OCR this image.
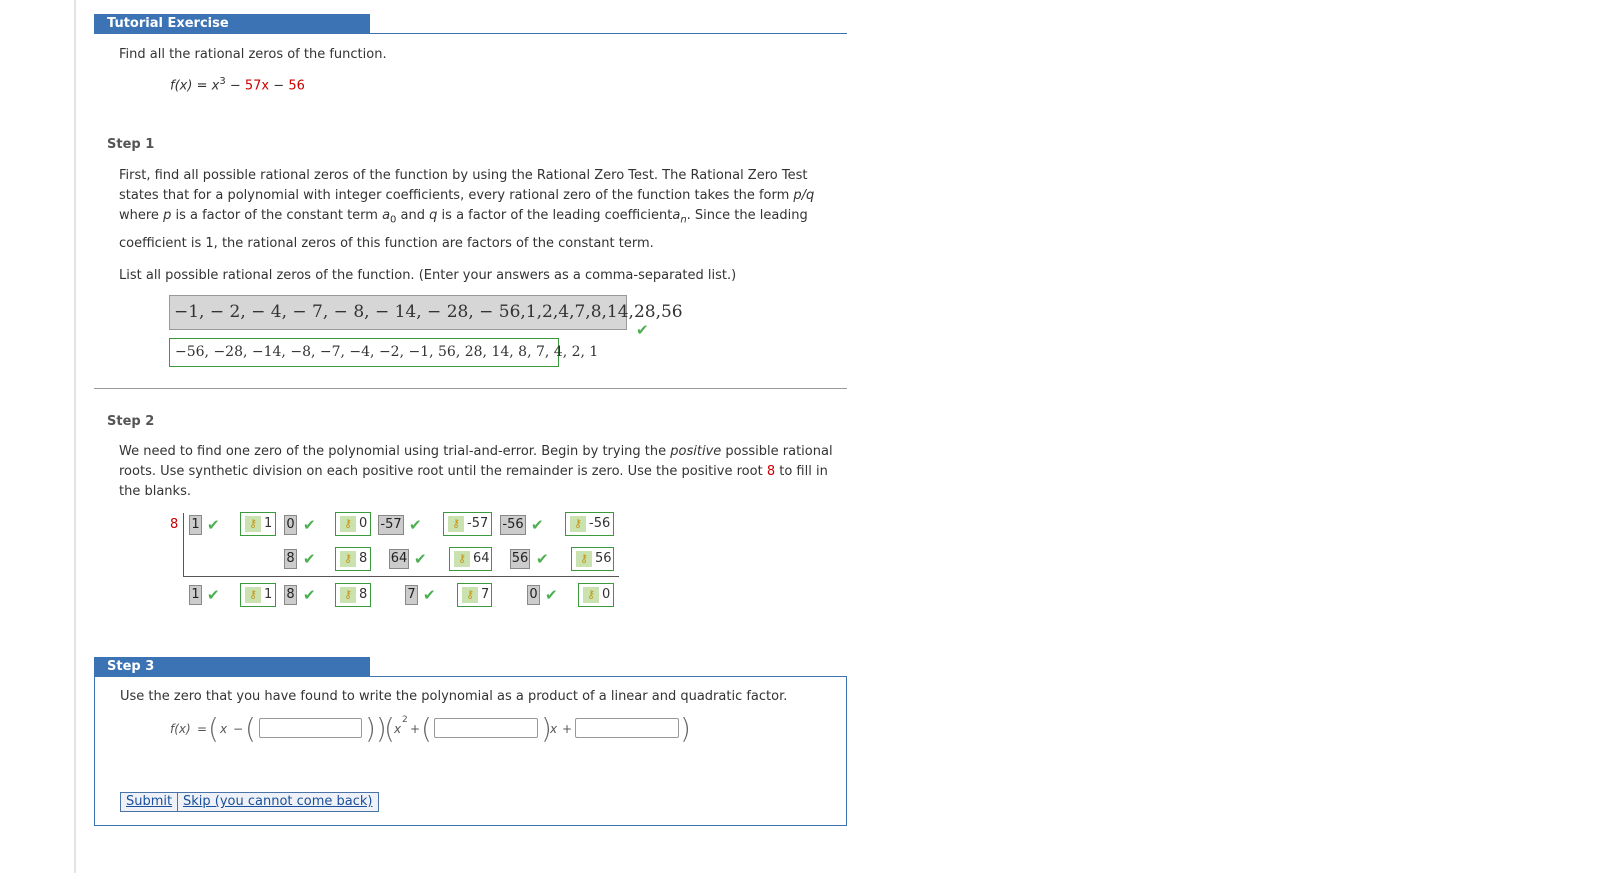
Tutorial Exercise
Find all the rational zeros of the function.
$f(x) = x^3 - 57x - 56$
Step 1
First, find all possible rational zeros of the function by using the Rational Zero Test. The Rational Zero Test
states that for a polynomial with integer coefficients, every rational zero of the function takes the form p/q
where p is a factor of the constant term $a_0$ and q is a factor of the leading coefficienta$_n$. Since the leading
coefficient is 1, the rational zeros of this function are factors of the constant term.
List all possible rational zeros of the function. (Enter your answers as a comma-separated list.)
−1, − 2, − 4, − 7, − 8, − 14, − 28, − 56,1,2,4,7,8,14,28,56
✔
−56, −28, −14, −8, −7, −4, −2, −1, 56, 28, 14, 8, 7, 4, 2, 1
Step 2
We need to find one zero of the polynomial using trial-and-error. Begin by trying the positive possible rational
roots. Use synthetic division on each positive root until the remainder is zero. Use the positive root 8 to fill in
the blanks.
8 1 ✔	⚷ 1 0 ✔	⚷ 0 -57 ✔	⚷ -57 -56 ✔	⚷ -56
8 ✔	⚷ 8 64 ✔	⚷ 64 56 ✔	⚷ 56
1 ✔	⚷ 1 8 ✔	⚷ 8	7 ✔	⚷ 7	0 ✔	⚷ 0
Step 3
Use the zero that you have found to write the polynomial as a product of a linear and quadratic factor.
f(x) = ( x − (	))
( x
2
+ (	)
x +	)
Submit Skip (you cannot come back)
